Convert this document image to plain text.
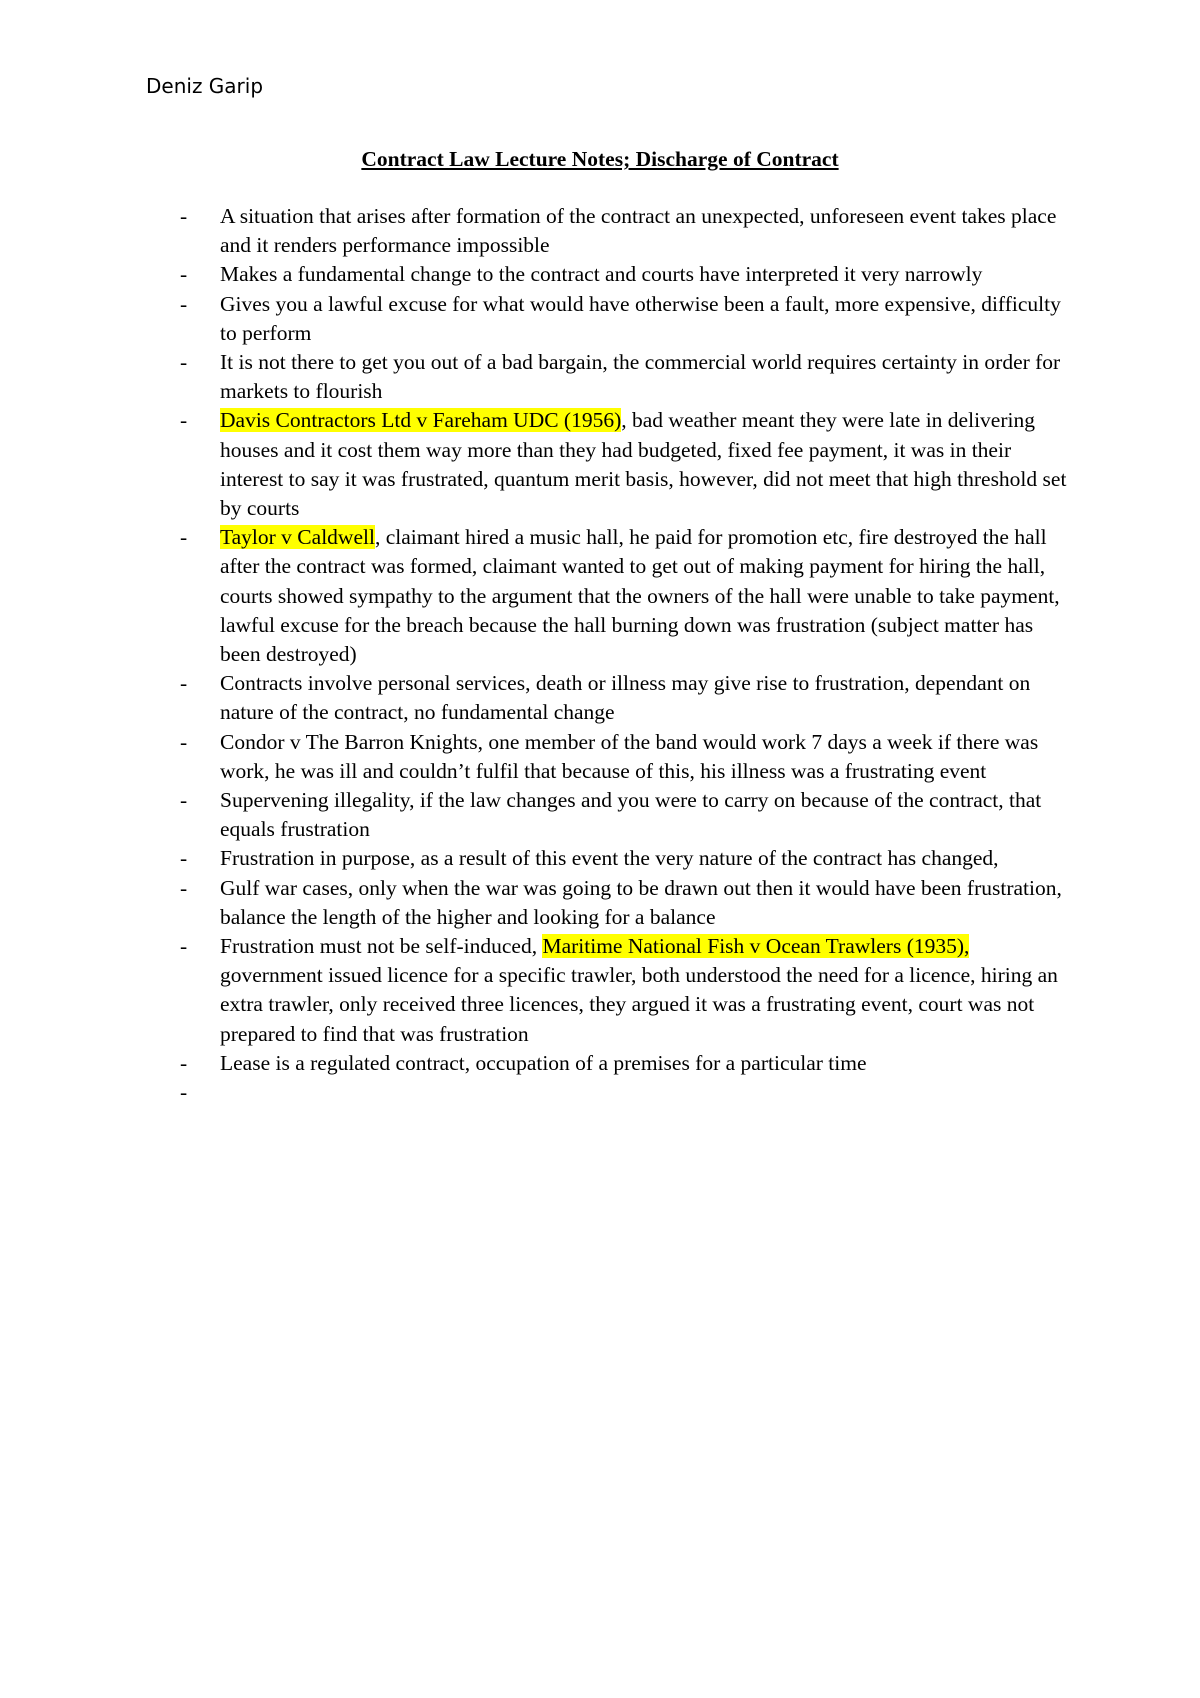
Deniz Garip

Contract Law Lecture Notes; Discharge of Contract
- A situation that arises after formation of the contract an unexpected, unforeseen event takes place and it renders performance impossible
- Makes a fundamental change to the contract and courts have interpreted it very narrowly
- Gives you a lawful excuse for what would have otherwise been a fault, more expensive, difficulty to perform
- It is not there to get you out of a bad bargain, the commercial world requires certainty in order for markets to flourish
- Davis Contractors Ltd v Fareham UDC (1956), bad weather meant they were late in delivering houses and it cost them way more than they had budgeted, fixed fee payment, it was in their interest to say it was frustrated, quantum merit basis, however, did not meet that high threshold set by courts
- Taylor v Caldwell, claimant hired a music hall, he paid for promotion etc, fire destroyed the hall after the contract was formed, claimant wanted to get out of making payment for hiring the hall, courts showed sympathy to the argument that the owners of the hall were unable to take payment, lawful excuse for the breach because the hall burning down was frustration (subject matter has been destroyed)
- Contracts involve personal services, death or illness may give rise to frustration, dependant on nature of the contract, no fundamental change
- Condor v The Barron Knights, one member of the band would work 7 days a week if there was work, he was ill and couldn’t fulfil that because of this, his illness was a frustrating event
- Supervening illegality, if the law changes and you were to carry on because of the contract, that equals frustration
- Frustration in purpose, as a result of this event the very nature of the contract has changed,
- Gulf war cases, only when the war was going to be drawn out then it would have been frustration, balance the length of the higher and looking for a balance
- Frustration must not be self-induced, Maritime National Fish v Ocean Trawlers (1935), government issued licence for a specific trawler, both understood the need for a licence, hiring an extra trawler, only received three licences, they argued it was a frustrating event, court was not prepared to find that was frustration
- Lease is a regulated contract, occupation of a premises for a particular time
-
